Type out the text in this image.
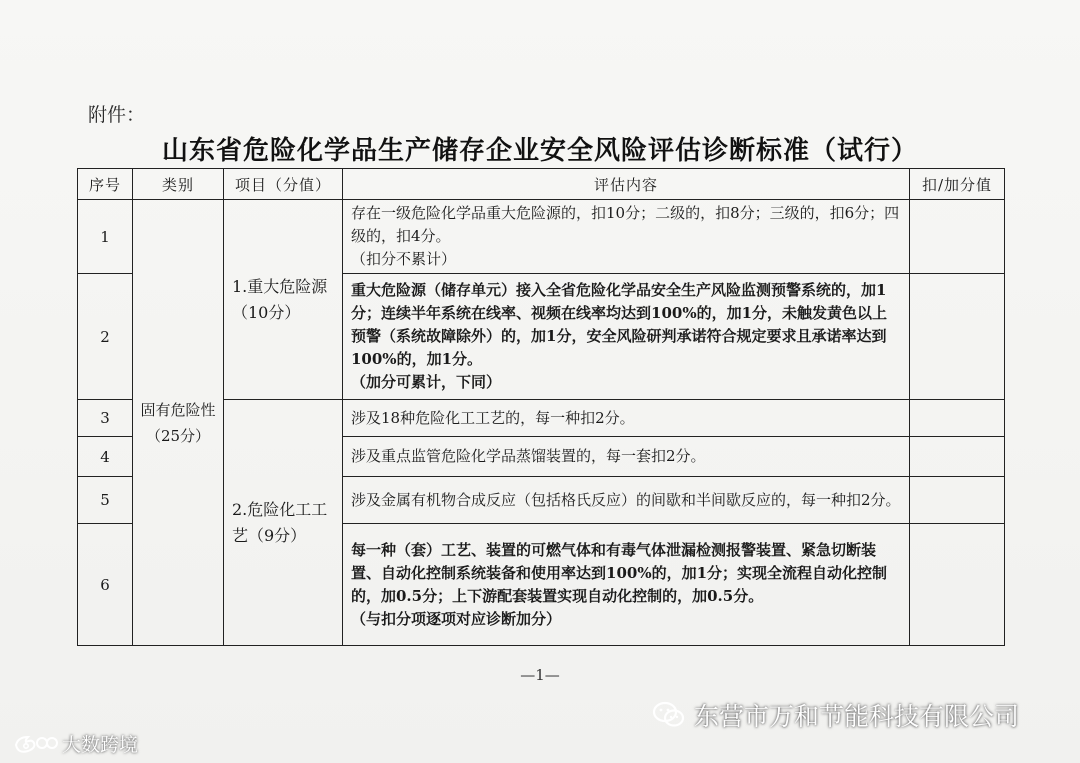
附件：
山东省危险化学品生产储存企业安全风险评估诊断标准（试行）
序号	类别	项目（分值）	评估内容	扣/加分值
1	固有危险性（25分）	1.重大危险源（10分）	存在一级危险化学品重大危险源的，扣10分；二级的，扣8分；三级的，扣6分；四级的，扣4分。
（扣分不累计）	

2			重大危险源（储存单元）接入全省危险化学品安全生产风险监测预警系统的，加1分；连续半年系统在线率、视频在线率均达到100%的，加1分，未触发黄色以上预警（系统故障除外）的，加1分，安全风险研判承诺符合规定要求且承诺率达到100%的，加1分。
（加分可累计，下同）	

3		2.危险化工工艺（9分）	涉及18种危险化工工艺的，每一种扣2分。	

4			涉及重点监管危险化学品蒸馏装置的，每一套扣2分。	

5			涉及金属有机物合成反应（包括格氏反应）的间歇和半间歇反应的，每一种扣2分。	

6			每一种（套）工艺、装置的可燃气体和有毒气体泄漏检测报警装置、紧急切断装置、自动化控制系统装备和使用率达到100%的，加1分；实现全流程自动化控制的，加0.5分；上下游配套装置实现自动化控制的，加0.5分。
（与扣分项逐项对应诊断加分）	

—1—
东营市万和节能科技有限公司
大数跨境
